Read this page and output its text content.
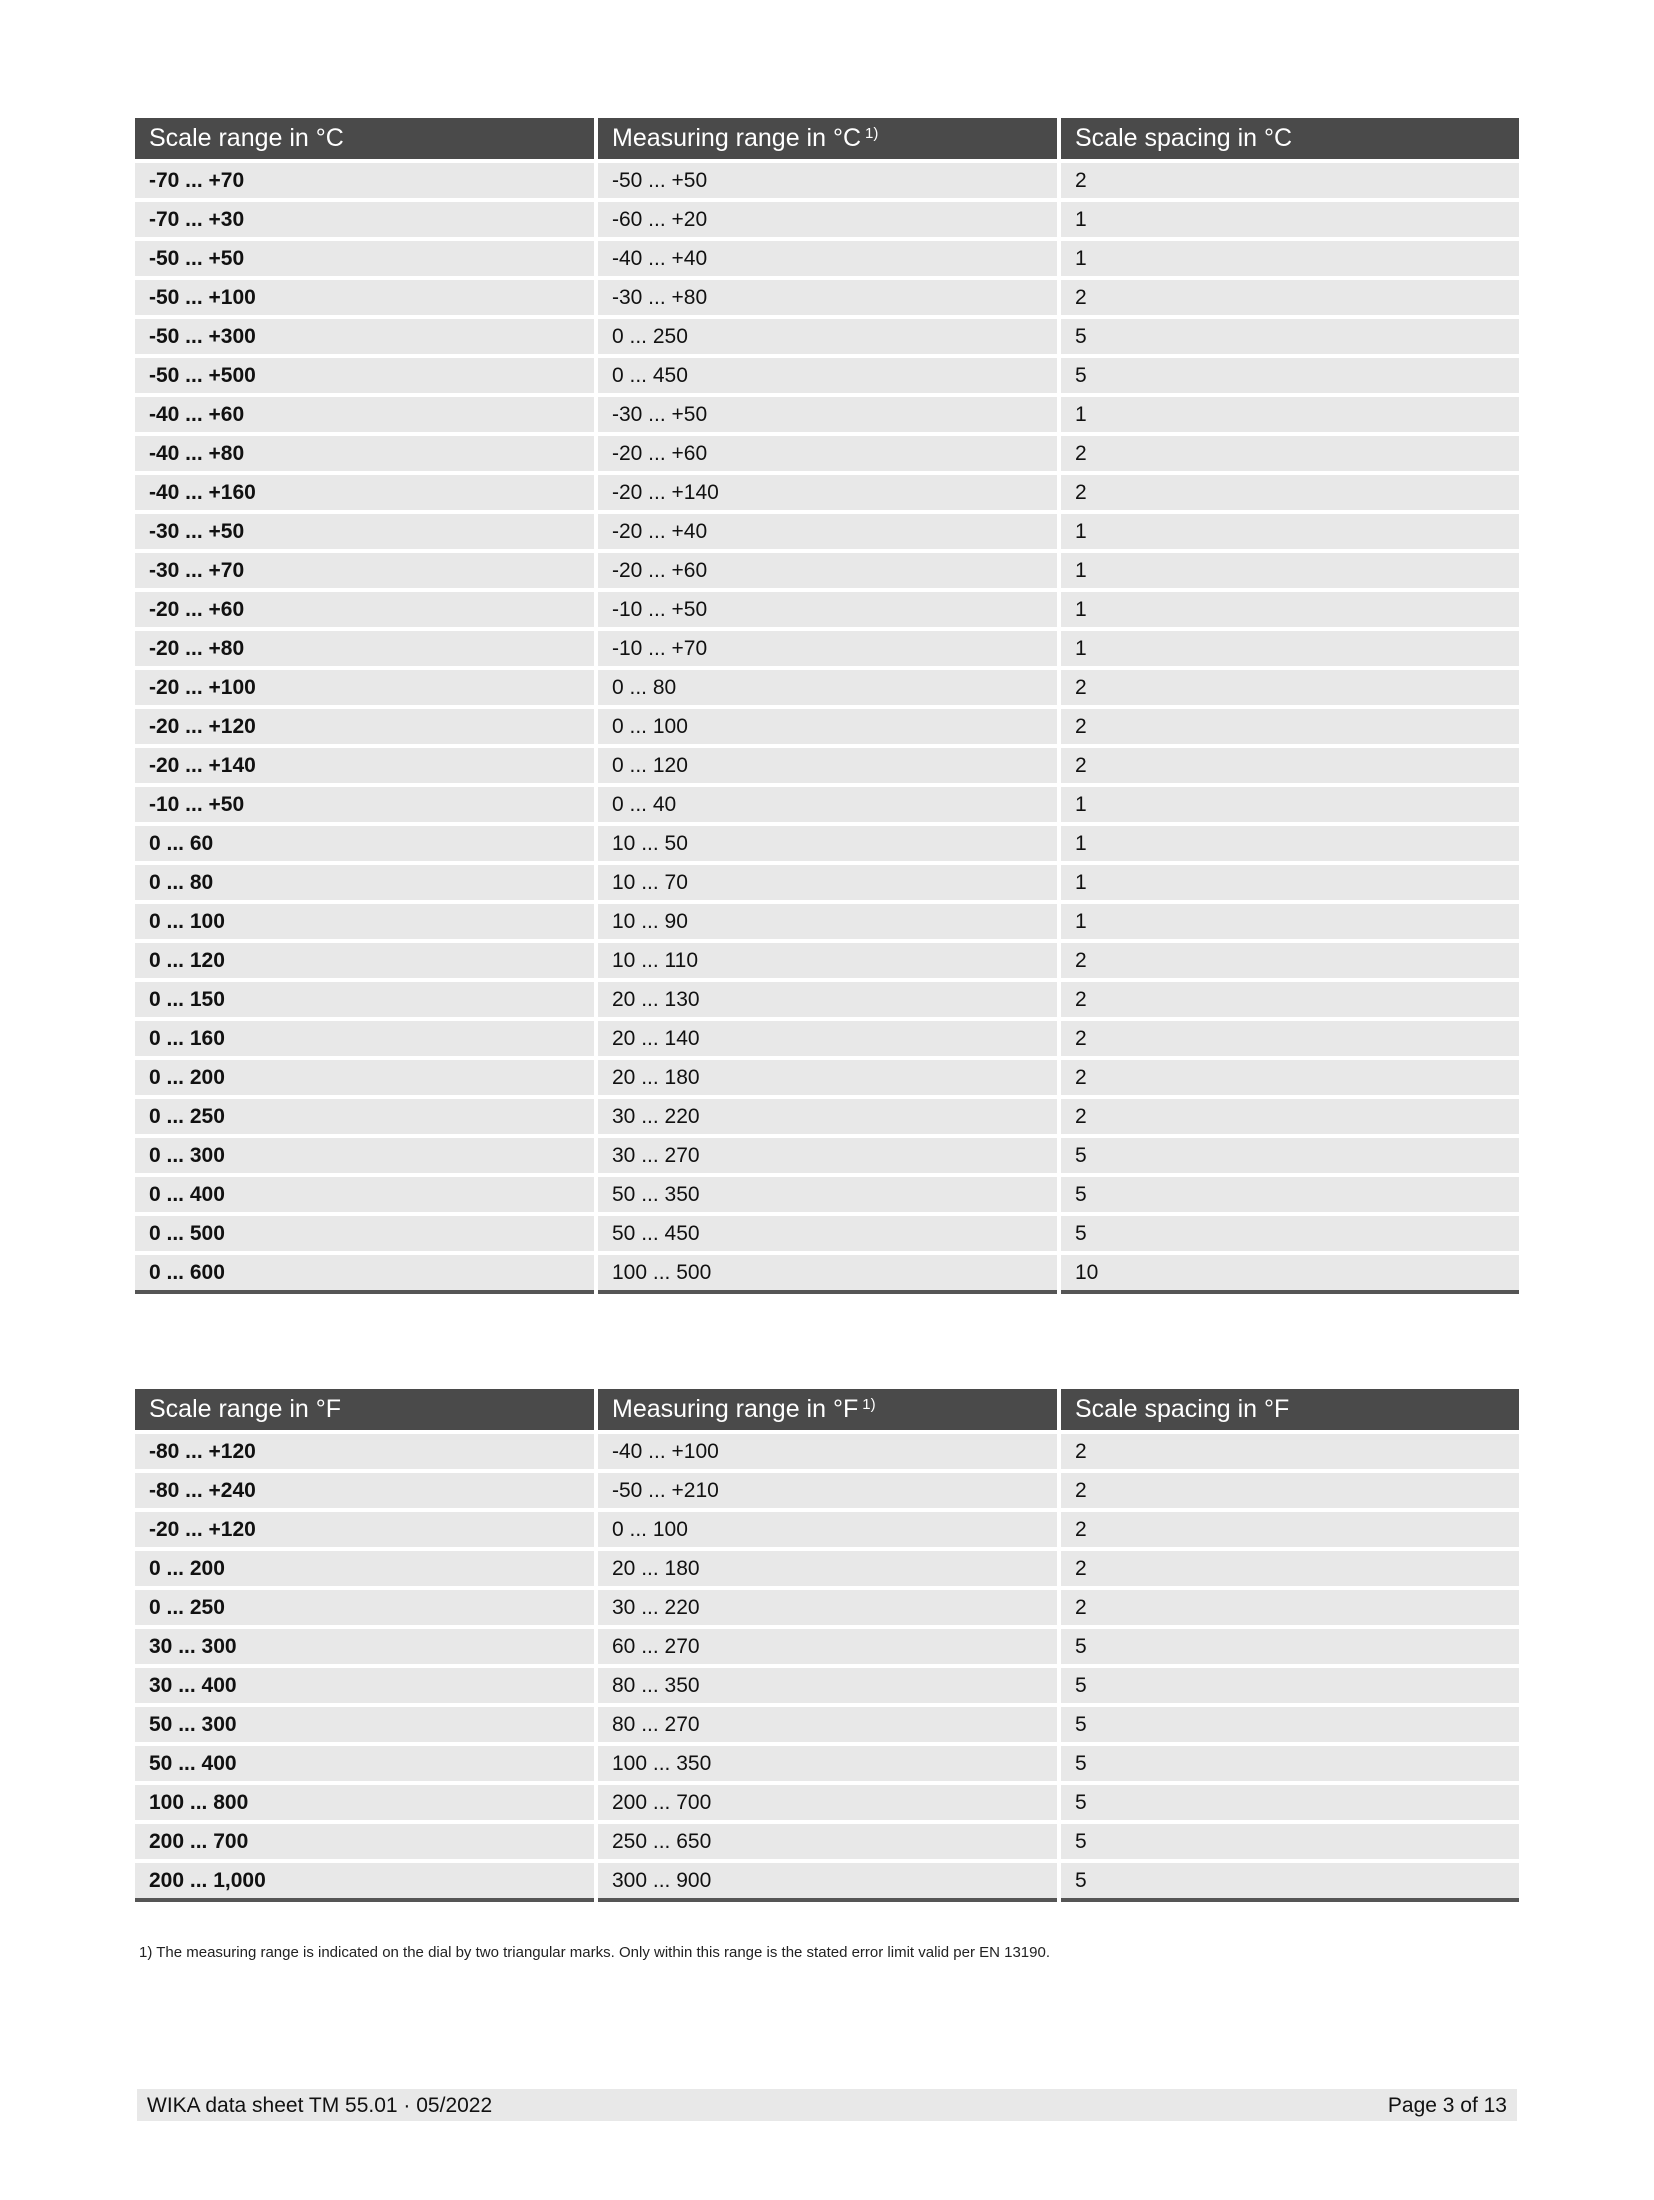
Scale range in °C	Measuring range in °C $^{1)}$	Scale spacing in °C
-70 ... +70	-50 ... +50	2
-70 ... +30	-60 ... +20	1
-50 ... +50	-40 ... +40	1
-50 ... +100	-30 ... +80	2
-50 ... +300	0 ... 250	5
-50 ... +500	0 ... 450	5
-40 ... +60	-30 ... +50	1
-40 ... +80	-20 ... +60	2
-40 ... +160	-20 ... +140	2
-30 ... +50	-20 ... +40	1
-30 ... +70	-20 ... +60	1
-20 ... +60	-10 ... +50	1
-20 ... +80	-10 ... +70	1
-20 ... +100	0 ... 80	2
-20 ... +120	0 ... 100	2
-20 ... +140	0 ... 120	2
-10 ... +50	0 ... 40	1
0 ... 60	10 ... 50	1
0 ... 80	10 ... 70	1
0 ... 100	10 ... 90	1
0 ... 120	10 ... 110	2
0 ... 150	20 ... 130	2
0 ... 160	20 ... 140	2
0 ... 200	20 ... 180	2
0 ... 250	30 ... 220	2
0 ... 300	30 ... 270	5
0 ... 400	50 ... 350	5
0 ... 500	50 ... 450	5
0 ... 600	100 ... 500	10
Scale range in °F	Measuring range in °F $^{1)}$	Scale spacing in °F
-80 ... +120	-40 ... +100	2
-80 ... +240	-50 ... +210	2
-20 ... +120	0 ... 100	2
0 ... 200	20 ... 180	2
0 ... 250	30 ... 220	2
30 ... 300	60 ... 270	5
30 ... 400	80 ... 350	5
50 ... 300	80 ... 270	5
50 ... 400	100 ... 350	5
100 ... 800	200 ... 700	5
200 ... 700	250 ... 650	5
200 ... 1,000	300 ... 900	5
1) The measuring range is indicated on the dial by two triangular marks. Only within this range is the stated error limit valid per EN 13190.
WIKA data sheet TM 55.01 · 05/2022	Page 3 of 13
